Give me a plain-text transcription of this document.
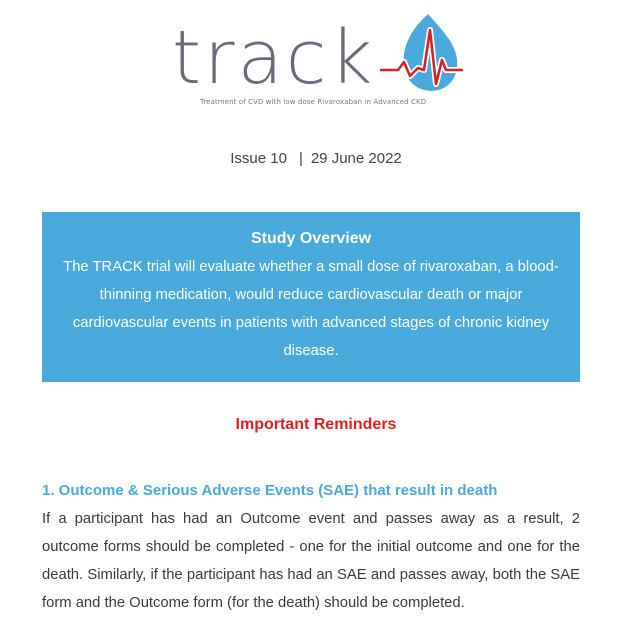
track
Treatment of CVD with low dose Rivaroxaban in Advanced CKD
Issue 10 | 29 June 2022
Study Overview
The TRACK trial will evaluate whether a small dose of rivaroxaban, a blood-thinning medication, would reduce cardiovascular death or major cardiovascular events in patients with advanced stages of chronic kidney disease.
Important Reminders
1. Outcome & Serious Adverse Events (SAE) that result in death
If a participant has had an Outcome event and passes away as a result, 2 outcome forms should be completed - one for the initial outcome and one for the death. Similarly, if the participant has had an SAE and passes away, both the SAE form and the Outcome form (for the death) should be completed.
